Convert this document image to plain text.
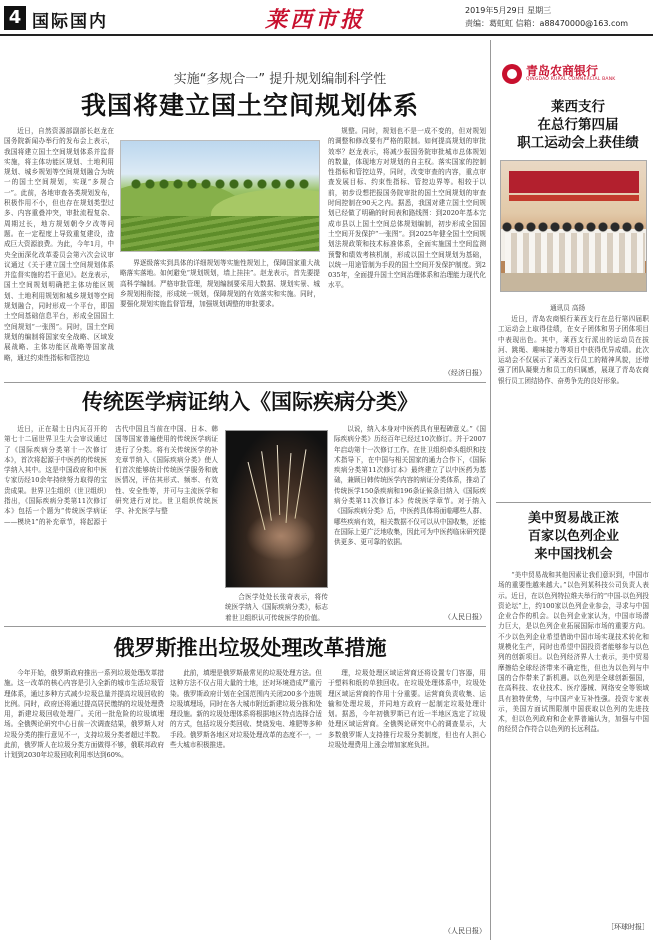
4 国际国内	莱西市报	2019年5月29日 星期三
责编：葛虹虹 信箱：a88470000@163.com
实施“多规合一” 提升规划编制科学性
我国将建立国土空间规划体系
近日，自然资源部副部长赵龙在国务院新闻办举行的发布会上表示，我国将建立国土空间规划体系并监督实施，将主体功能区规划、土地利用规划、城乡规划等空间规划融合为统一的国土空间规划，实现“多规合一”。此前，各地审查各类规划发布，积极作用不小，但也存在规划类型过多、内容重叠冲突，审批流程复杂、周期过长，地方规划朝令夕改等问题。在一定程度上导致重复建设，造成巨大资源浪费。为此，今年1月，中央全面深化改革委员会第六次会议审议通过《关于建立国土空间规划体系并监督实施的若干意见》。赵龙表示，国土空间规划明确把主体功能区规划、土地利用规划和城乡规划等空间规划融合，同时形成一个平台，即国土空间基础信息平台，形成全国国土空间规划“一张图”。同时，国土空间规划的编制将国家安全战略、区域发展战略、主体功能区战略等国家战略，通过约束性指标和管控边
界逐级落实到具体的详细规划等实施性规划上，保障国家重大战略落实落地。如何避免“规划规划，墙上挂挂”。赵龙表示，首先要提高科学编制。严格审批管理，规划编制要采用大数据、规划实景、城乡规划相衔接，形成统一规划，保障规划的有效落实和实施。同时，要强化规划实施监督管理，加强规划调整的审批要求。
规整。同时，规划也不是一成不变的，但对规划的调整和修改要有严格的限制。如何提高规划的审批效率？赵龙表示，将减少报国务院审批城市总体规划的数量，体现地方对规划的自主权。落实国家的控制性指标和管控边界，同时，改变审查的内容，重点审查发展目标、约束性指标、管控边界等。相较于以前，初步设想把报国务院审批的国土空间规划的审查时间控制在90天之内。据悉，我国对建立国土空间规划已经做了明确的时间表和路线图：到2020年基本完成市县以上国土空间总体规划编制，初步形成全国国土空间开发保护“一张图”。到2025年健全国土空间规划法规政策和技术标准体系，全面实施国土空间监测预警和绩效考核机制，形成以国土空间规划为基础，以统一用途管制为手段的国土空间开发保护制度。到2035年，全面提升国土空间治理体系和治理能力现代化水平。
（经济日报）
传统医学病证纳入《国际疾病分类》
近日，正在瑞士日内瓦召开的第七十二届世界卫生大会审议通过了《国际疾病分类第十一次修订本》，首次将起源于中医药的传统医学纳入其中。这是中国政府和中医专家历经10余年持续努力取得的宝贵成果。世界卫生组织（世卫组织）指出，《国际疾病分类第11次修订本》包括一个题为“传统医学病证——模块1”的补充章节，将起源于古代中国且当前在中国、日本、韩国等国家普遍使用的传统医学病证进行了分类。将有关传统医学的补充章节纳入《国际疾病分类》使人们首次能够统计传统医学服务和就医情况，评估其形式、频率、有效性、安全性等，并可与主流医学和研究进行对比。世卫组织传统医学、补充医学与整
合医学处处长张奇表示，将传统医学纳入《国际疾病分类》，标志着世卫组织认可传统医学的价值。
以说，纳入本身对中医药具有里程碑意义。”《国际疾病分类》历经百年已经过10次修订。并于2007年启动第十一次修订工作。在世卫组织牵头组织和技术指导下，在中国与相关国家的通力合作下，《国际疾病分类第11次修订本》最终建立了以中医药为基础，兼顾日韩传统医学内容的病证分类体系，推动了传统医学150条疾病和196条证候条目纳入《国际疾病分类第11次修订本》传统医学章节。对于纳入《国际疾病分类》后，中医药具体将面临哪些人群、哪些疾病有效，相关数据不仅可以从中国收集，还能在国际上更广泛地收集，因此可为中医药临床研究提供更多、更可靠的依据。
（人民日报）
俄罗斯推出垃圾处理改革措施
今年开始，俄罗斯政府推出一系列垃圾处理改革措施。这一改革的核心内容是引入全新的城市生活垃圾管理体系，通过多种方式减少垃圾总量并提高垃圾回收的比例。同时，政府还将通过提高居民缴纳的垃圾处理费用，新建垃圾回收处理厂。关闭一批危险的垃圾填埋场。全俄舆论研究中心日前一次调查结果，俄罗斯人对垃圾分类的推行意见不一，支持垃圾分类者超过半数。此前，俄罗斯人在垃圾分类方面做得不够，俄联邦政府计划到2030年垃圾回收利用率达到60%。
此前，填埋是俄罗斯最常见的垃圾处理方法。但这种方法不仅占用大量的土地，还对环境造成严重污染。俄罗斯政府计划在全国范围内关闭200多个违规垃圾填埋场，同时在各大城市附近新建垃圾分拣和处理设施。新的垃圾处理体系将根据地区特点选择合适的方式，包括垃圾分类回收、焚烧发电、堆肥等多种手段。俄罗斯各地区对垃圾处理改革的态度不一，一些大城市积极推进。
理，垃圾处理区域运营商还将设置专门容器，用于塑料和纸的单独回收。在垃圾处理体系中，垃圾处理区域运营商的作用十分重要。运营商负责收集、运输和处理垃圾，并同地方政府一起制定垃圾处理计划。据悉，今年初俄罗斯已有近一半地区选定了垃圾处理区域运营商。全俄舆论研究中心的调查显示，大多数俄罗斯人支持推行垃圾分类制度，但也有人担心垃圾处理费用上涨会增加家庭负担。
（人民日报）
青岛农商银行
QINGDAO RURAL COMMERCIAL BANK
莱西支行
在总行第四届
职工运动会上获佳绩
通讯员 高扬
近日，青岛农商银行莱西支行在总行第四届职工运动会上取得佳绩，在女子团体和男子团体项目中表现出色。其中，莱西支行派出的运动员在拔河、跳绳、趣味接力等项目中获得优异成绩。此次运动会不仅展示了莱西支行员工的精神风貌，还增强了团队凝聚力和员工的归属感，展现了青岛农商银行员工团结协作、奋勇争先的良好形象。
美中贸易战正浓
百家以色列企业
来中国找机会
“美中贸易战和其他因素让我们意识到，中国市场的重要性越来越大。”以色列某科技公司负责人表示。近日，在以色列特拉维夫举行的“中国-以色列投资论坛”上，约100家以色列企业参会，寻求与中国企业合作的机会。以色列企业家认为，中国市场潜力巨大，是以色列企业拓展国际市场的重要方向。不少以色列企业希望借助中国市场实现技术转化和规模化生产，同时也希望中国投资者能够参与以色列的创新项目。以色列经济界人士表示，美中贸易摩擦给全球经济带来不确定性，但也为以色列与中国的合作带来了新机遇。以色列是全球创新强国，在高科技、农业技术、医疗器械、网络安全等领域具有独特优势，与中国产业互补性强。投资专家表示，美国方面试图限制中国获取以色列的先进技术，但以色列政府和企业界普遍认为，加强与中国的经贸合作符合以色列的长远利益。
［环球时报］
